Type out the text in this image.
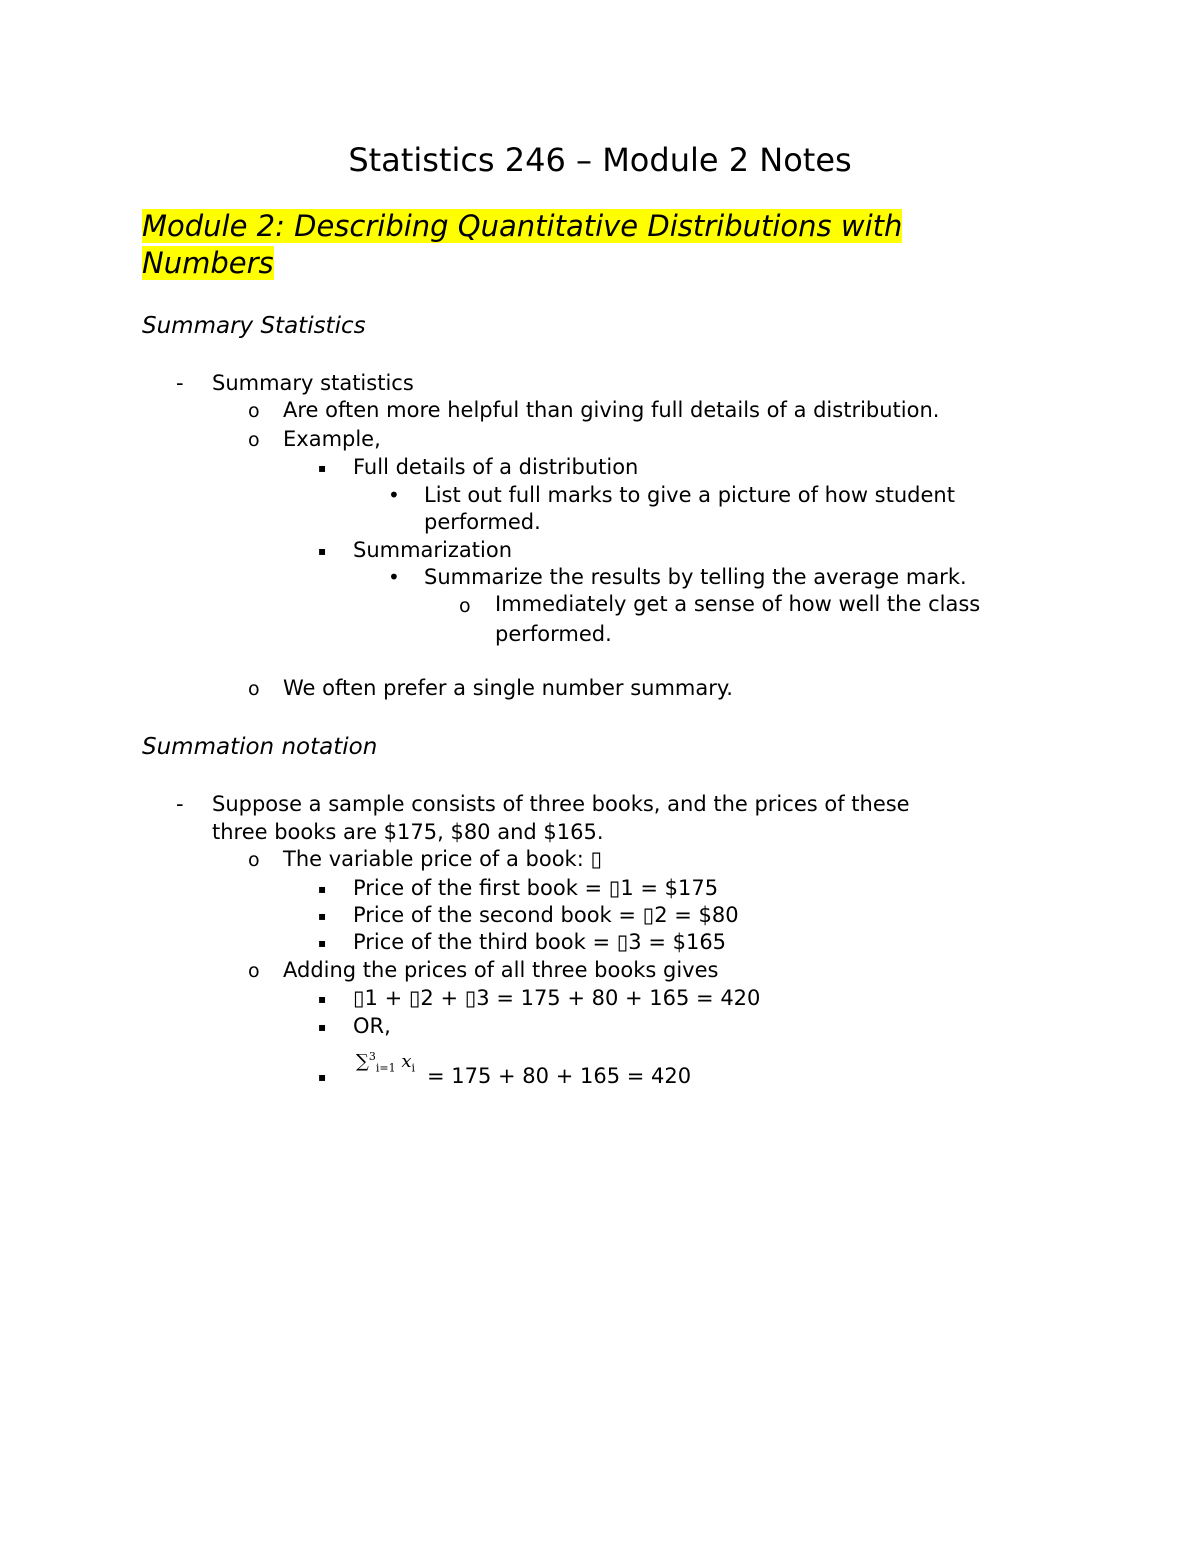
Statistics 246 – Module 2 Notes
Module 2: Describing Quantitative Distributions with Numbers
Summary Statistics
- Summary statistics
o Are often more helpful than giving full details of a distribution.
o Example,
▪ Full details of a distribution
• List out full marks to give a picture of how student
performed.
▪ Summarization
• Summarize the results by telling the average mark.
o Immediately get a sense of how well the class
performed.
o We often prefer a single number summary.
Summation notation
- Suppose a sample consists of three books, and the prices of these
three books are $175, $80 and $165.
o The variable price of a book: ▯
▪ Price of the first book = ▯1 = $175
▪ Price of the second book = ▯2 = $80
▪ Price of the third book = ▯3 = $165
o Adding the prices of all three books gives
▪ ▯1 + ▯2 + ▯3 = 175 + 80 + 165 = 420
▪ OR,
▪
∑$^3_{i=1}$ $x_i = 175 + 80 + 165 = 420$
